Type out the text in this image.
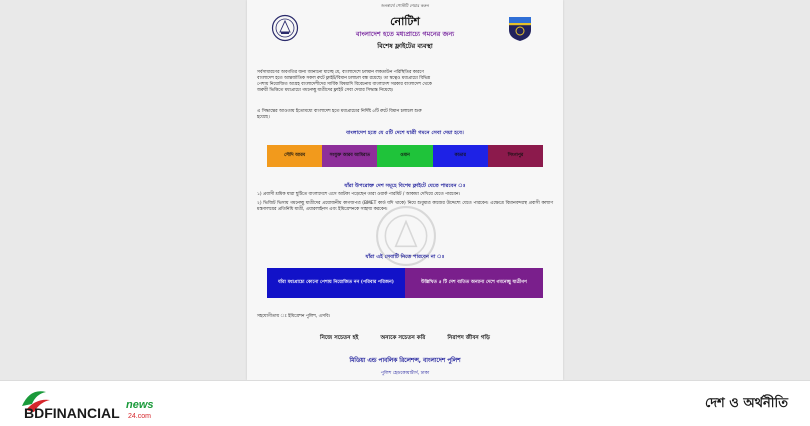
জনস্বার্থে পোস্টটি শেয়ার করুন
নোটিশ
বাংলাদেশ হতে মধ্যপ্রাচ্যে গমনের জন্য
বিশেষ ফ্লাইটের ব্যবস্থা
সর্বসাধারণের অবগতির জন্য জানানো যাচ্ছে যে, বাংলাদেশে চলমান লকডাউন পরিস্থিতির কারণে
বাংলাদেশ হতে আন্তর্জাতিক সকল রুটে ফ্লাইট/বিমান চলাচল বন্ধ রয়েছে। তা স্বত্বেও মধ্যপ্রাচ্যে বিভিন্ন
পেশায় নিয়োজিত আগ্রহ বাংলাদেশীদের সার্বিক বিষয়াদি বিবেচনায় বাংলাদেশ সরকার বাংলাদেশ থেকে
জরুরী ভিত্তিতে মধ্যপ্রাচ্যে গমনেচ্ছু যাত্রীদের ফ্লাইট সেবা দেয়ার সিদ্ধান্ত নিয়েছে।
এ সিদ্ধান্তের আওতায় ইতোমধ্যে বাংলাদেশ হতে মধ্যপ্রাচ্যের নির্দিষ্ট ৫টি রুটে বিমান চলাচল শুরু
হয়েছে।
বাংলাদেশ হতে যে ৫টি দেশে যাত্রী গমনে সেবা দেয়া হবে।
সৌদি আরব	সংযুক্ত আরব আমিরাত	ওমান	কাতার	সিংগাপুর
যাঁরা উপরোক্ত দেশ সমূহে বিশেষ ফ্লাইটে যেতে পারবেন ঃ
১) প্রবাসী শ্রমিক যারা ছুটিতে বাংলাদেশে এসে আটকা পড়েছেন তারা ওয়ার্ক পারমিট / আকামা দেখিয়ে যেতে পারবেন।
২) ভিজিট ভিসায় গমনেচ্ছু যাত্রীদের প্রয়োজনীয় কাগজপত্র (BMET কার্ড যদি থাকে) নিয়ে শুধুমাত্র কাজের উদ্দেশ্যে যেতে পারবেন। এক্ষেত্রে বিমানবন্দরস্থ প্রবাসী কল্যাণ মন্ত্রণালয়ের প্রতিনিধি যাত্রী, এয়ারলাইনস এবং ইমিগ্রেশনকে সাহায্য করবেন।
যাঁরা এই সেবাটি নিতে পারবেন না ঃ
যাঁরা মধ্যপ্রাচ্যে কোনো পেশায় নিয়োজিত নন (পরিবার পরিজন)	উল্লিখিত ৫ টি দেশ ব্যতিত অন্যান্য দেশে গমনেচ্ছু যাত্রীগণ
সহযোগীতায় ঃ ইমিগ্রেশন পুলিশ, এসবি।
নিজে সচেতন হই	অন্যকে সচেতন করি	নিরাপদ জীবন গড়ি
মিডিয়া এন্ড পাবলিক রিলেশন্স, বাংলাদেশ পুলিশ
পুলিশ হেডকোয়ার্টার্স, ঢাকা
BDFINANCIAL news
24.com
দেশ ও অর্থনীতি
